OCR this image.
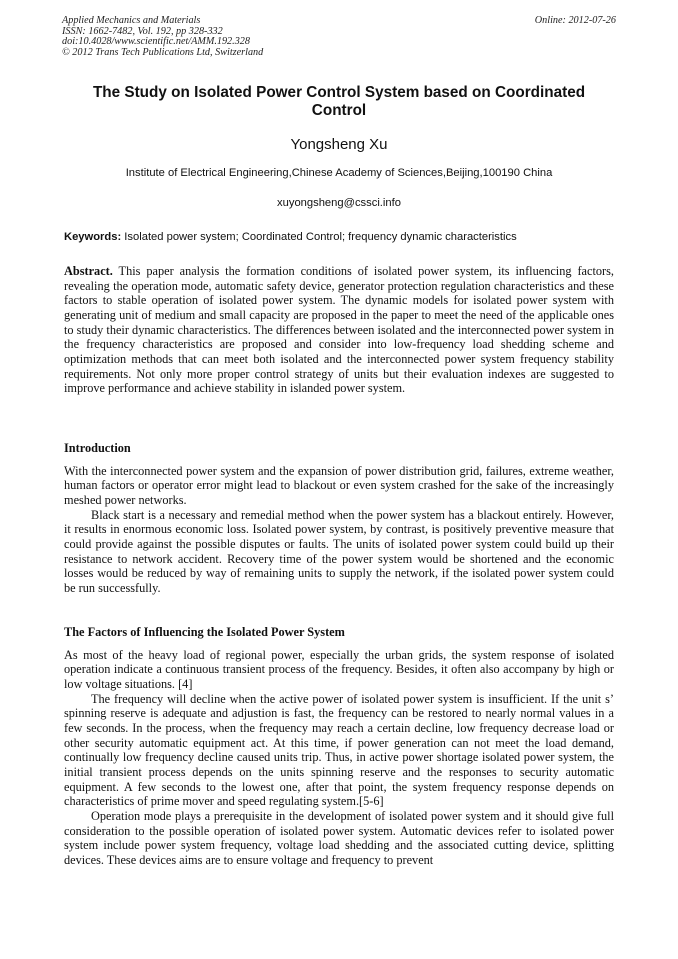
Applied Mechanics and Materials
ISSN: 1662-7482, Vol. 192, pp 328-332
doi:10.4028/www.scientific.net/AMM.192.328
© 2012 Trans Tech Publications Ltd, Switzerland
Online: 2012-07-26
The Study on Isolated Power Control System based on Coordinated Control
Yongsheng Xu
Institute of Electrical Engineering,Chinese Academy of Sciences,Beijing,100190 China
xuyongsheng@cssci.info
Keywords: Isolated power system; Coordinated Control; frequency dynamic characteristics

Abstract. This paper analysis the formation conditions of isolated power system, its influencing factors, revealing the operation mode, automatic safety device, generator protection regulation characteristics and these factors to stable operation of isolated power system. The dynamic models for isolated power system with generating unit of medium and small capacity are proposed in the paper to meet the need of the applicable ones to study their dynamic characteristics. The differences between isolated and the interconnected power system in the frequency characteristics are proposed and consider into low-frequency load shedding scheme and optimization methods that can meet both isolated and the interconnected power system frequency stability requirements. Not only more proper control strategy of units but their evaluation indexes are suggested to improve performance and achieve stability in islanded power system.

Introduction

With the interconnected power system and the expansion of power distribution grid, failures, extreme weather, human factors or operator error might lead to blackout or even system crashed for the sake of the increasingly meshed power networks.

Black start is a necessary and remedial method when the power system has a blackout entirely. However, it results in enormous economic loss. Isolated power system, by contrast, is positively preventive measure that could provide against the possible disputes or faults. The units of isolated power system could build up their resistance to network accident. Recovery time of the power system would be shortened and the economic losses would be reduced by way of remaining units to supply the network, if the isolated power system could be run successfully.

The Factors of Influencing the Isolated Power System

As most of the heavy load of regional power, especially the urban grids, the system response of isolated operation indicate a continuous transient process of the frequency. Besides, it often also accompany by high or low voltage situations. [4]

The frequency will decline when the active power of isolated power system is insufficient. If the unit s’ spinning reserve is adequate and adjustion is fast, the frequency can be restored to nearly normal values in a few seconds. In the process, when the frequency may reach a certain decline, low frequency decrease load or other security automatic equipment act. At this time, if power generation can not meet the load demand, continually low frequency decline caused units trip. Thus, in active power shortage isolated power system, the initial transient process depends on the units spinning reserve and the responses to security automatic equipment. A few seconds to the lowest one, after that point, the system frequency response depends on characteristics of prime mover and speed regulating system.[5-6]

Operation mode plays a prerequisite in the development of isolated power system and it should give full consideration to the possible operation of isolated power system. Automatic devices refer to isolated power system include power system frequency, voltage load shedding and the associated cutting device, splitting devices. These devices aims are to ensure voltage and frequency to prevent
